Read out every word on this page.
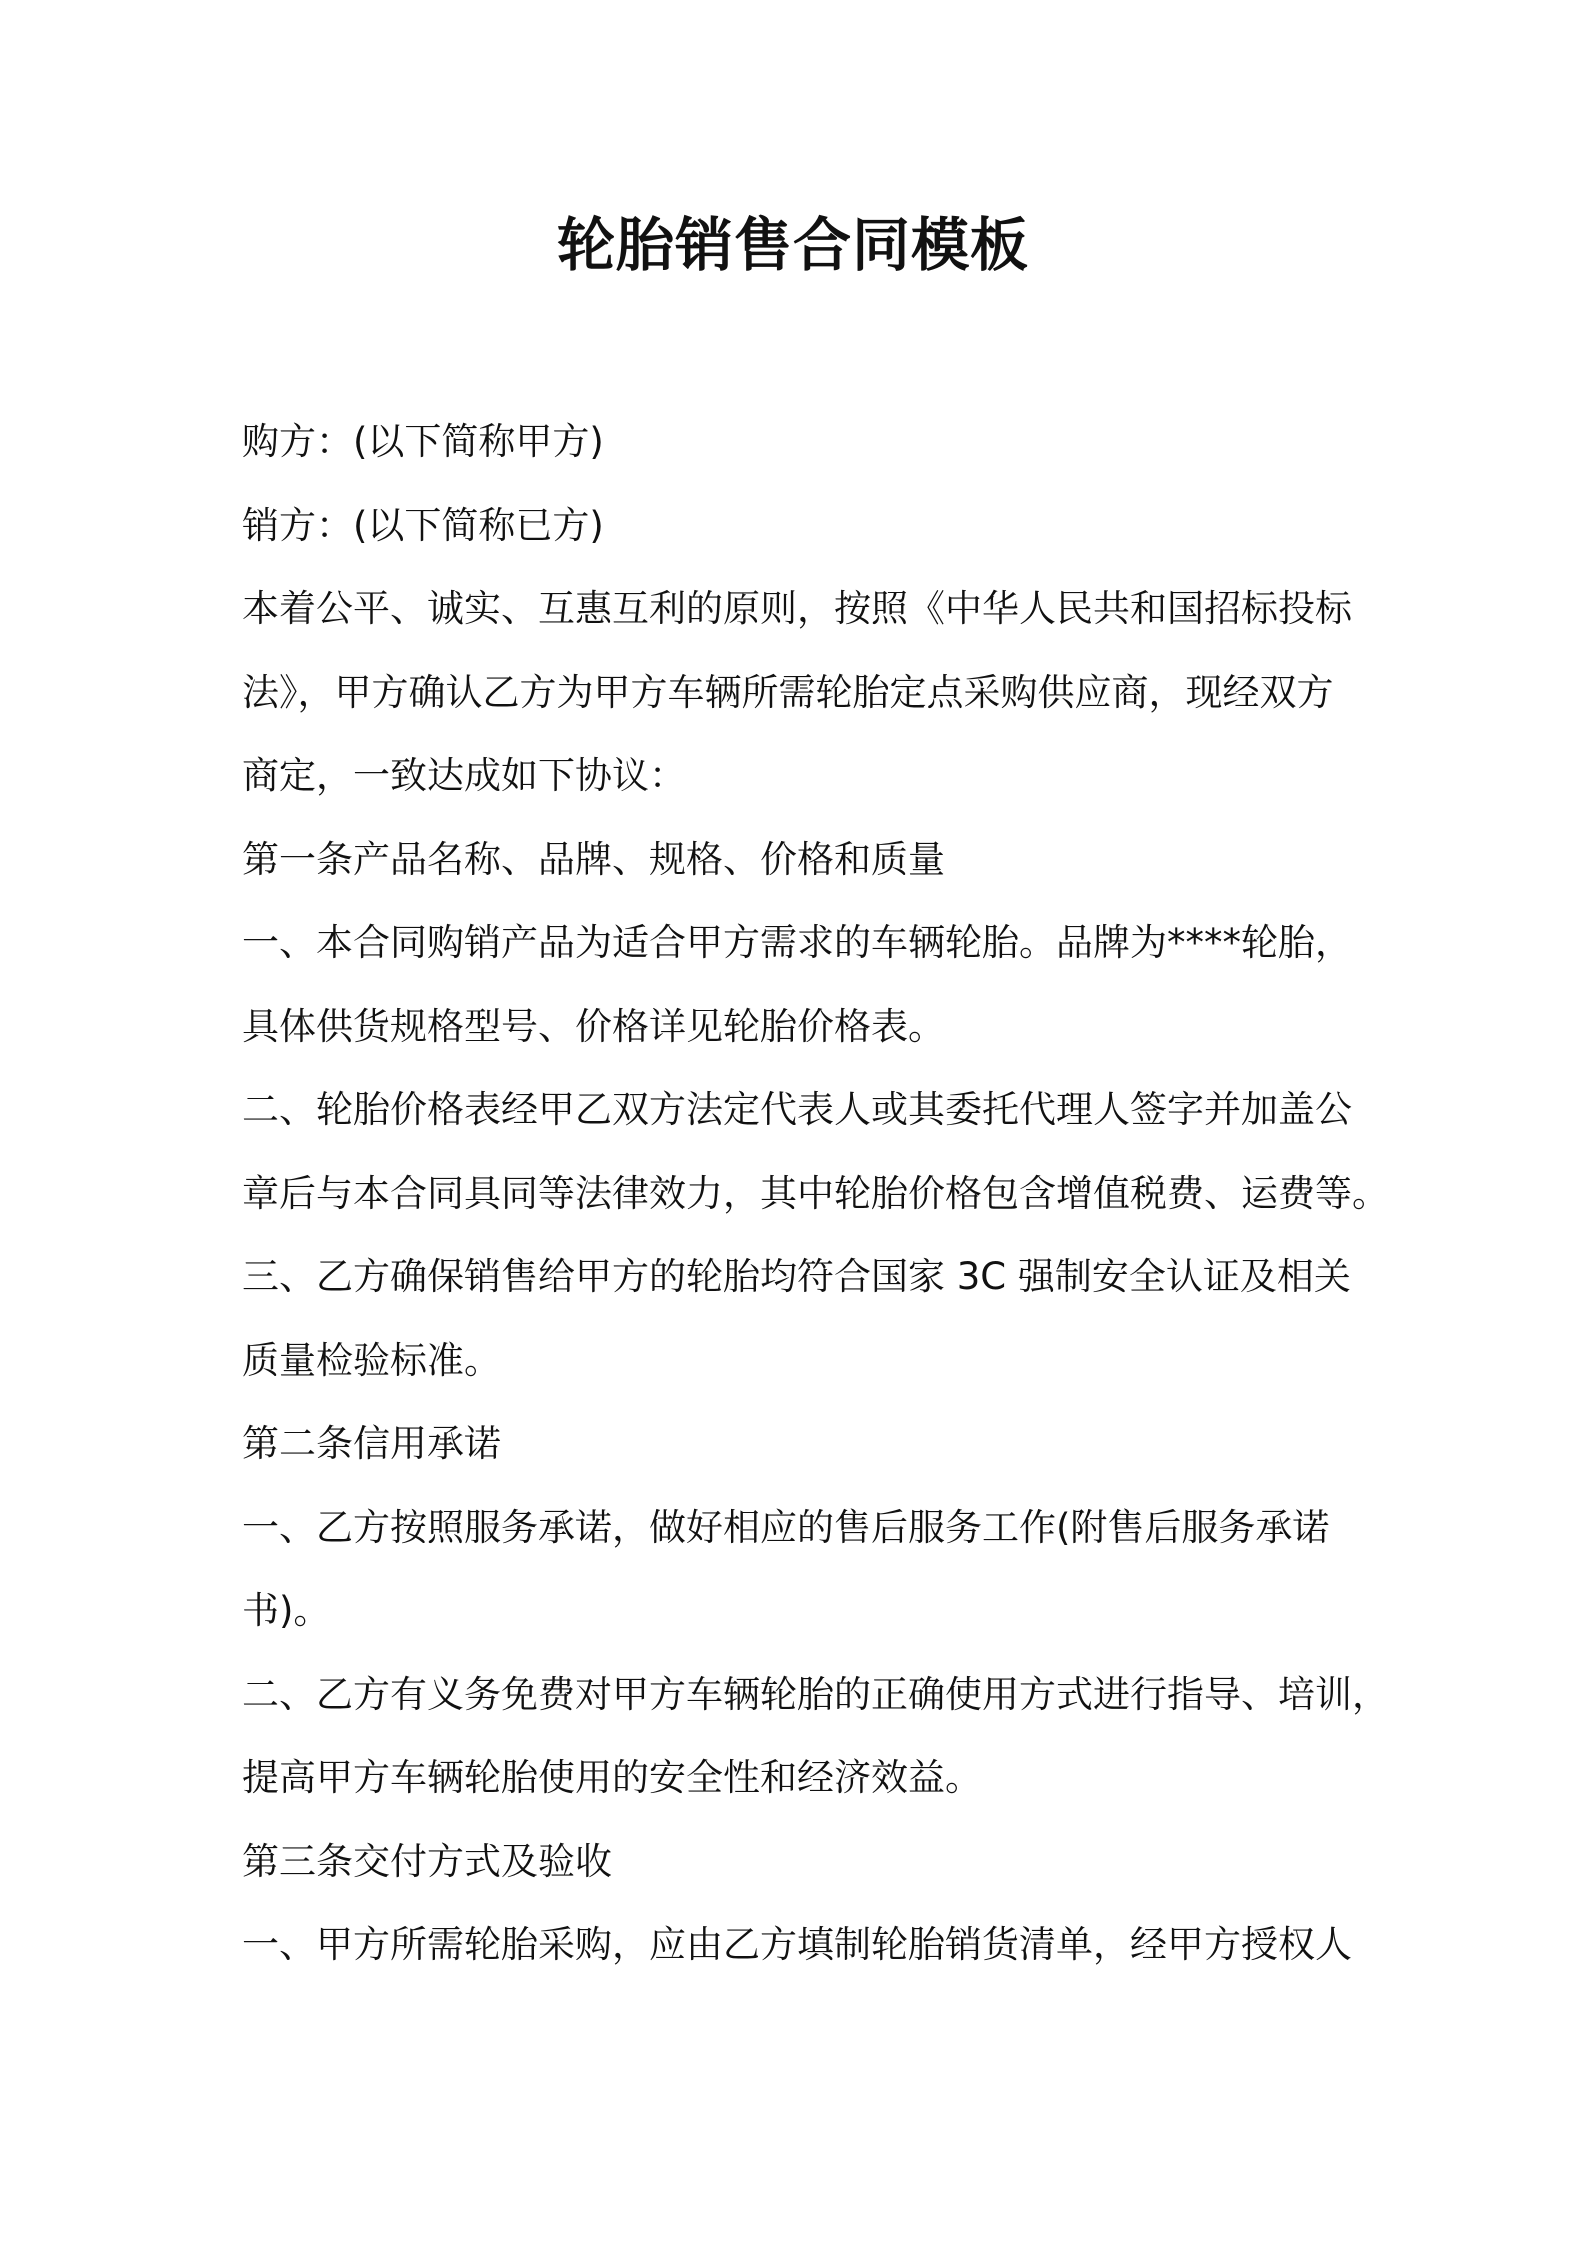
轮胎销售合同模板

购方：(以下简称甲方)

销方：(以下简称已方)

本着公平、诚实、互惠互利的原则，按照《中华人民共和国招标投标

法》，甲方确认乙方为甲方车辆所需轮胎定点采购供应商，现经双方

商定，一致达成如下协议：

第一条产品名称、品牌、规格、价格和质量

一、本合同购销产品为适合甲方需求的车辆轮胎。品牌为****轮胎，

具体供货规格型号、价格详见轮胎价格表。

二、轮胎价格表经甲乙双方法定代表人或其委托代理人签字并加盖公

章后与本合同具同等法律效力，其中轮胎价格包含增值税费、运费等。

三、乙方确保销售给甲方的轮胎均符合国家 3C 强制安全认证及相关

质量检验标准。

第二条信用承诺

一、乙方按照服务承诺，做好相应的售后服务工作(附售后服务承诺

书)。

二、乙方有义务免费对甲方车辆轮胎的正确使用方式进行指导、培训，

提高甲方车辆轮胎使用的安全性和经济效益。

第三条交付方式及验收

一、甲方所需轮胎采购，应由乙方填制轮胎销货清单，经甲方授权人
